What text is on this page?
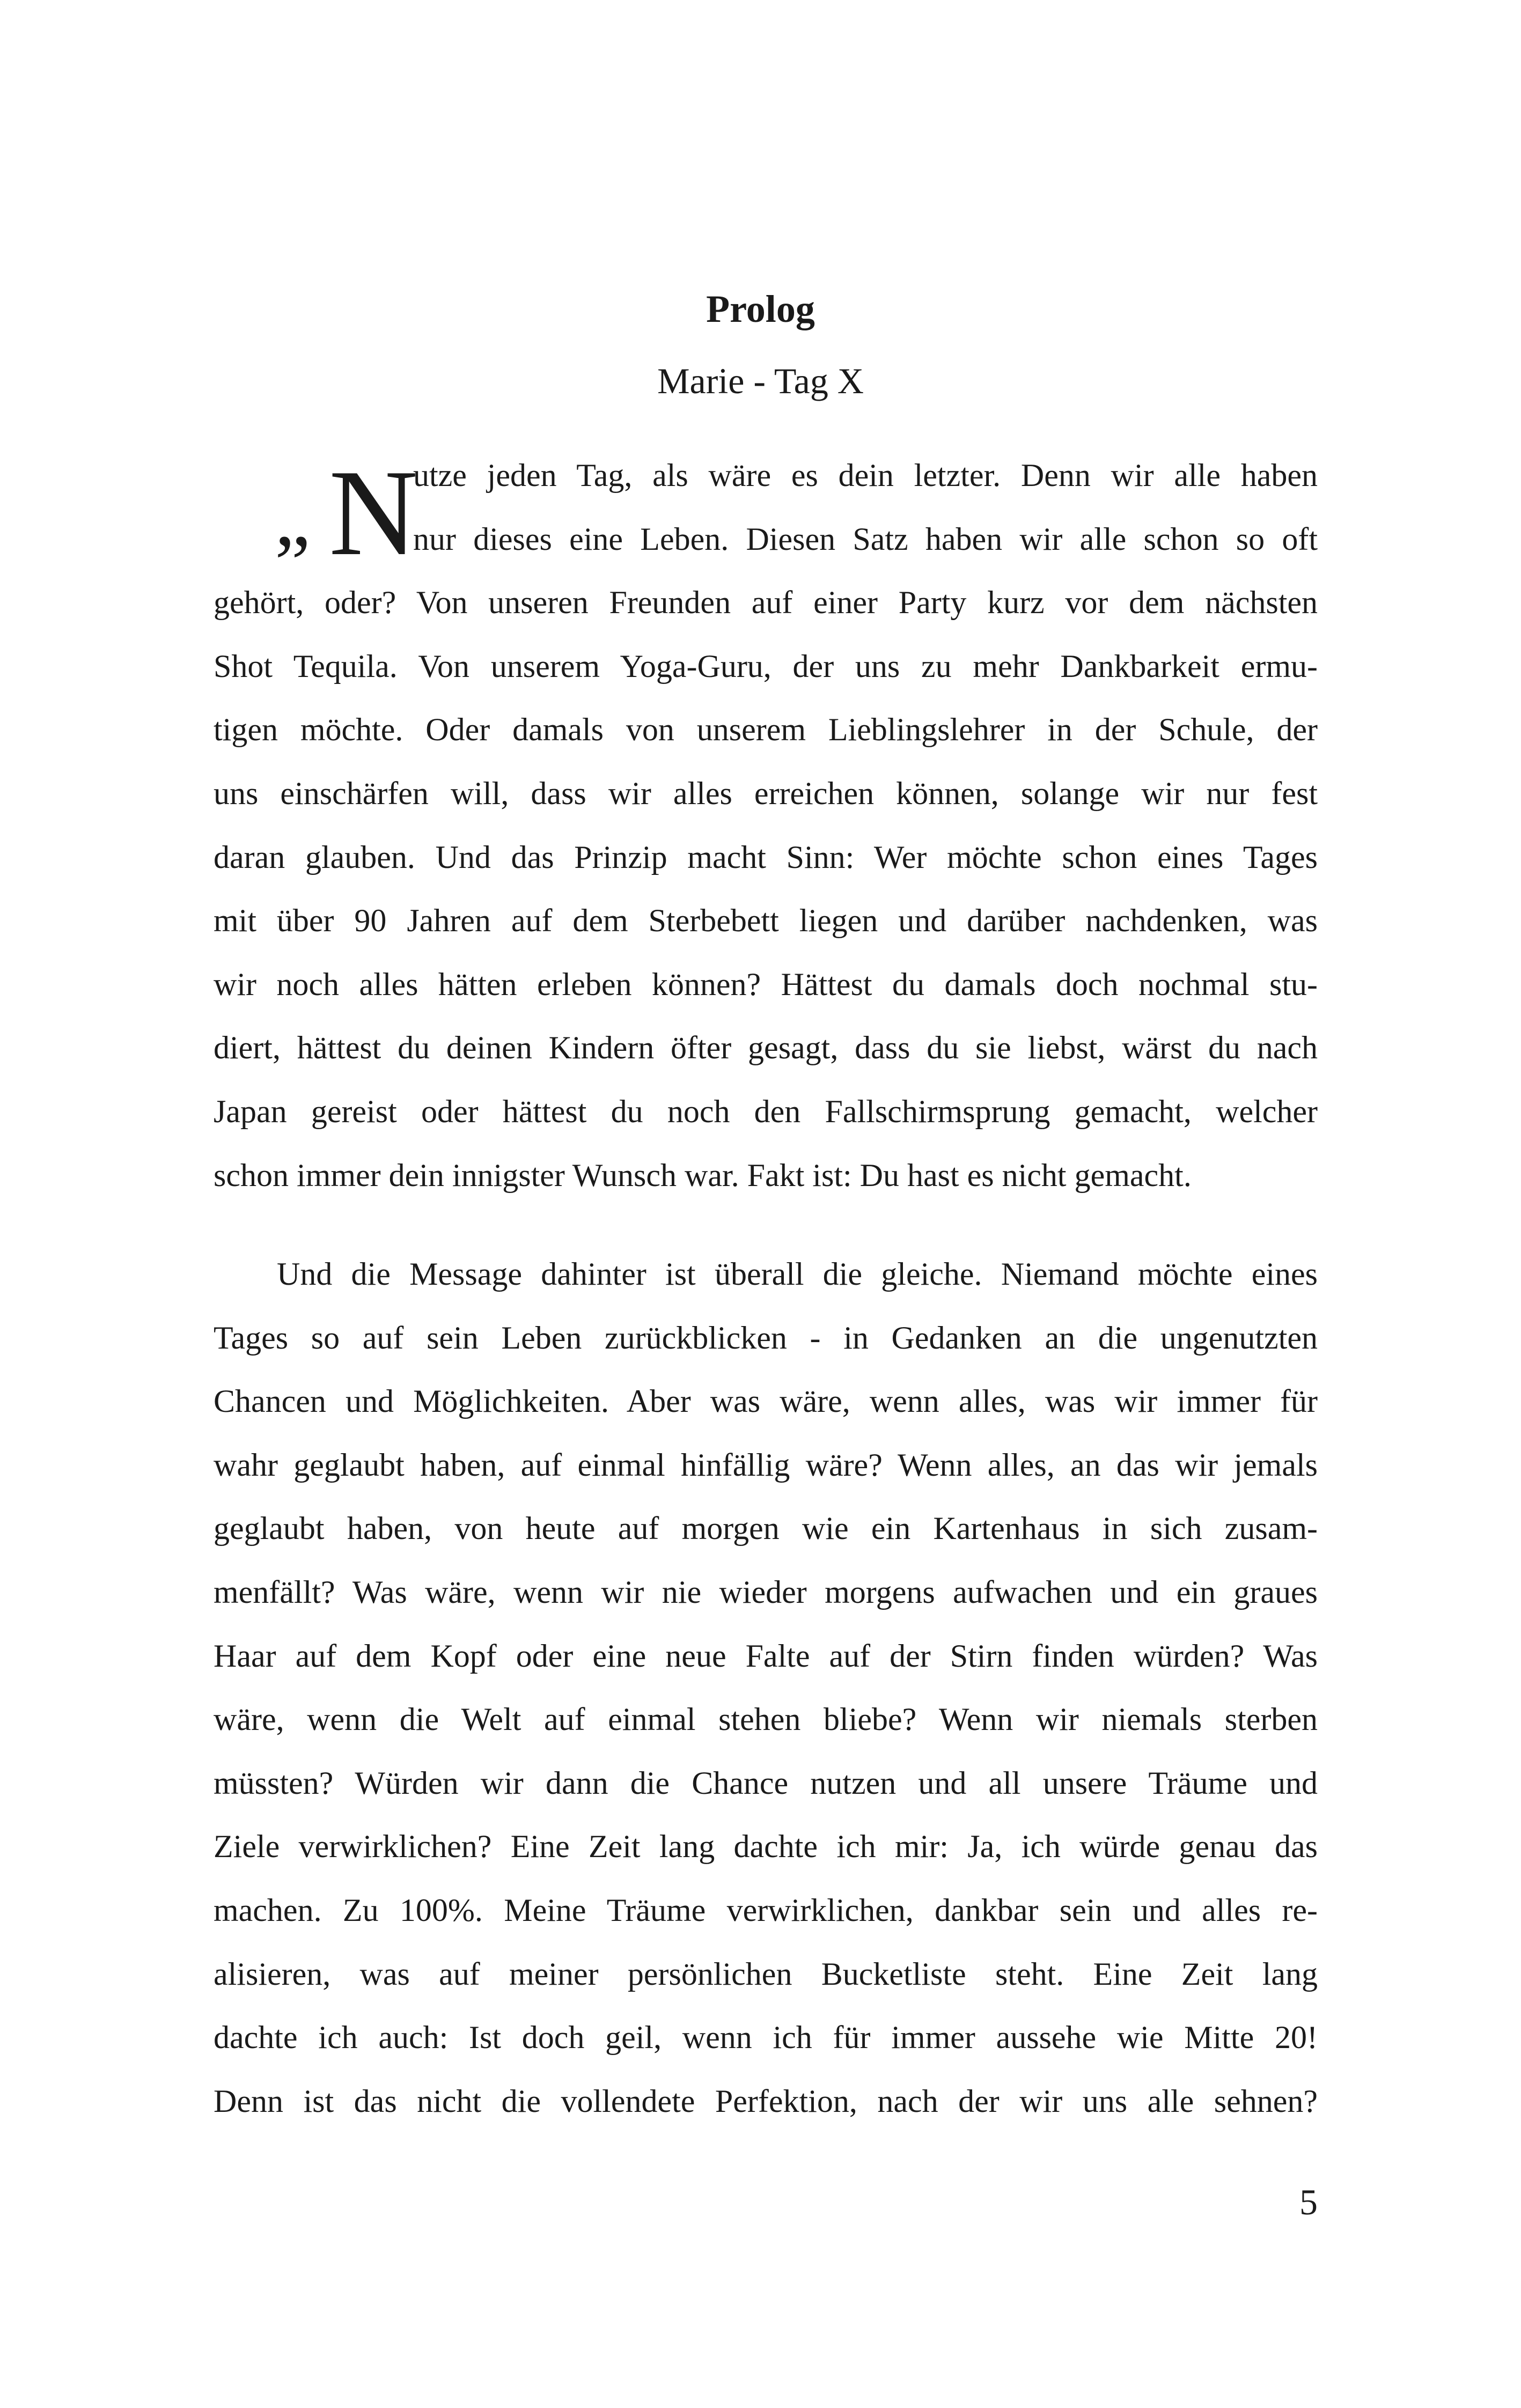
Prolog
Marie - Tag X
„ N
utze jeden Tag, als wäre es dein letzter. Denn wir alle haben
nur dieses eine Leben. Diesen Satz haben wir alle schon so oft
gehört, oder? Von unseren Freunden auf einer Party kurz vor dem nächsten
Shot Tequila. Von unserem Yoga-Guru, der uns zu mehr Dankbarkeit ermu-
tigen möchte. Oder damals von unserem Lieblingslehrer in der Schule, der
uns einschärfen will, dass wir alles erreichen können, solange wir nur fest
daran glauben. Und das Prinzip macht Sinn: Wer möchte schon eines Tages
mit über 90 Jahren auf dem Sterbebett liegen und darüber nachdenken, was
wir noch alles hätten erleben können? Hättest du damals doch nochmal stu-
diert, hättest du deinen Kindern öfter gesagt, dass du sie liebst, wärst du nach
Japan gereist oder hättest du noch den Fallschirmsprung gemacht, welcher
schon immer dein innigster Wunsch war. Fakt ist: Du hast es nicht gemacht.
Und die Message dahinter ist überall die gleiche. Niemand möchte eines
Tages so auf sein Leben zurückblicken - in Gedanken an die ungenutzten
Chancen und Möglichkeiten. Aber was wäre, wenn alles, was wir immer für
wahr geglaubt haben, auf einmal hinfällig wäre? Wenn alles, an das wir jemals
geglaubt haben, von heute auf morgen wie ein Kartenhaus in sich zusam-
menfällt? Was wäre, wenn wir nie wieder morgens aufwachen und ein graues
Haar auf dem Kopf oder eine neue Falte auf der Stirn finden würden? Was
wäre, wenn die Welt auf einmal stehen bliebe? Wenn wir niemals sterben
müssten? Würden wir dann die Chance nutzen und all unsere Träume und
Ziele verwirklichen? Eine Zeit lang dachte ich mir: Ja, ich würde genau das
machen. Zu 100%. Meine Träume verwirklichen, dankbar sein und alles re-
alisieren, was auf meiner persönlichen Bucketliste steht. Eine Zeit lang
dachte ich auch: Ist doch geil, wenn ich für immer aussehe wie Mitte 20!
Denn ist das nicht die vollendete Perfektion, nach der wir uns alle sehnen?
5
